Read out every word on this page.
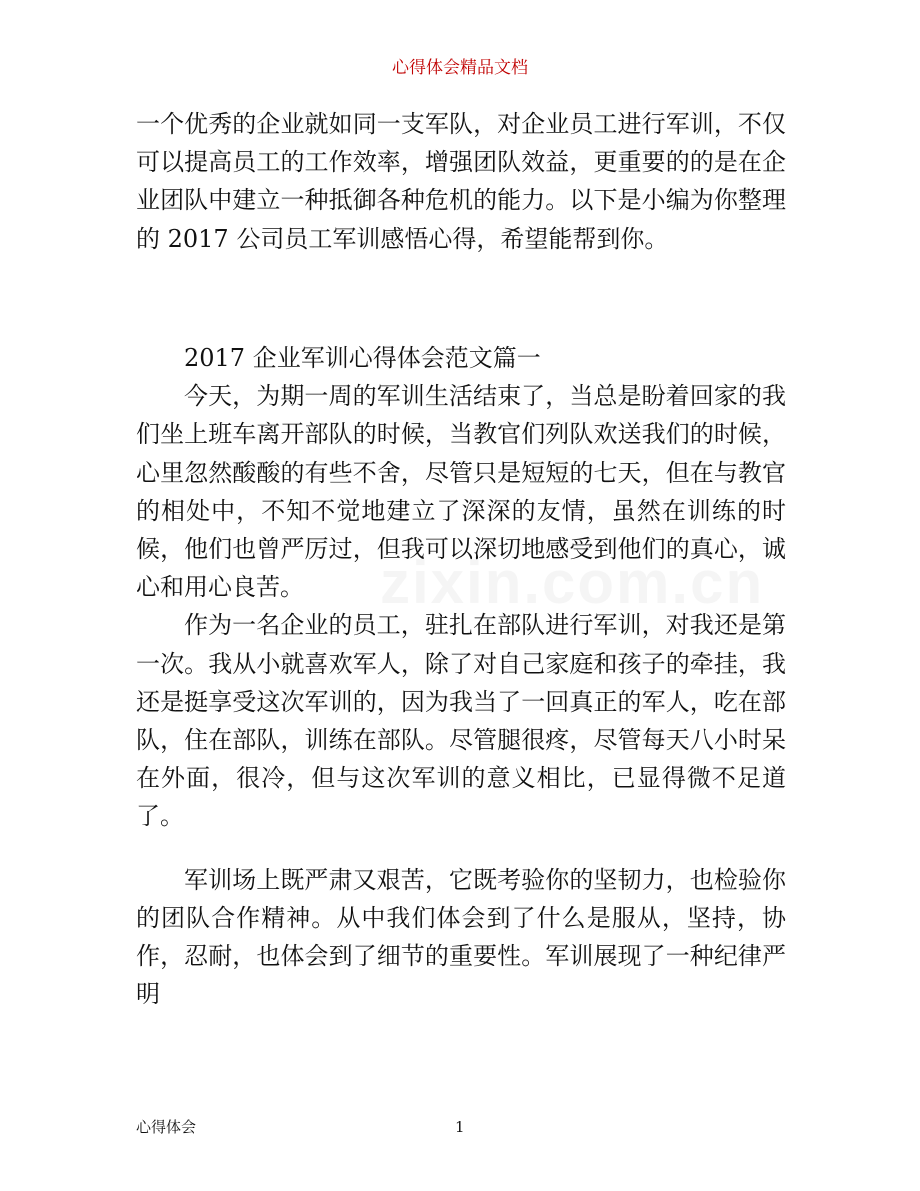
心得体会精品文档
zixin.com.cn

一个优秀的企业就如同一支军队，对企业员工进行军训，不仅可以提高员工的工作效率，增强团队效益，更重要的的是在企业团队中建立一种抵御各种危机的能力。以下是小编为你整理的 2017 公司员工军训感悟心得，希望能帮到你。

2017 企业军训心得体会范文篇一

今天，为期一周的军训生活结束了，当总是盼着回家的我们坐上班车离开部队的时候，当教官们列队欢送我们的时候，心里忽然酸酸的有些不舍，尽管只是短短的七天，但在与教官的相处中，不知不觉地建立了深深的友情，虽然在训练的时候，他们也曾严厉过，但我可以深切地感受到他们的真心，诚心和用心良苦。

作为一名企业的员工，驻扎在部队进行军训，对我还是第一次。我从小就喜欢军人，除了对自己家庭和孩子的牵挂，我还是挺享受这次军训的，因为我当了一回真正的军人，吃在部队，住在部队，训练在部队。尽管腿很疼，尽管每天八小时呆在外面，很冷，但与这次军训的意义相比，已显得微不足道了。

军训场上既严肃又艰苦，它既考验你的坚韧力，也检验你的团队合作精神。从中我们体会到了什么是服从，坚持，协作，忍耐，也体会到了细节的重要性。军训展现了一种纪律严明

心得体会	1
